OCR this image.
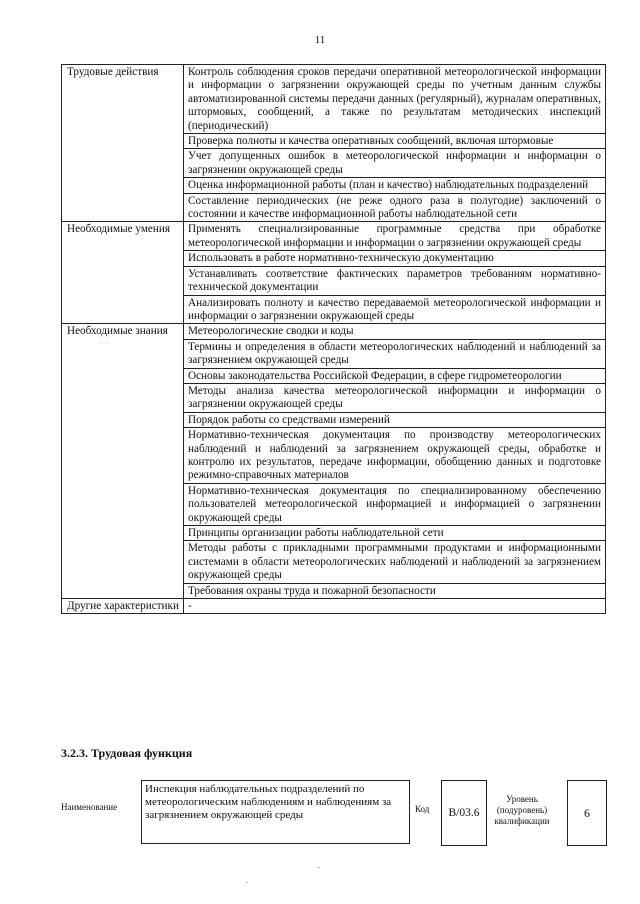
11
Трудовые действия	Контроль соблюдения сроков передачи оперативной метеорологической информации и информации о загрязнении окружающей среды по учетным данным службы автоматизированной системы передачи данных (регулярный), журналам оперативных, штормовых, сообщений, а также по результатам методических инспекций (периодический)
	Проверка полноты и качества оперативных сообщений, включая штормовые
	Учет допущенных ошибок в метеорологической информации и информации о загрязнении окружающей среды
	Оценка информационной работы (план и качество) наблюдательных подразделений
	Составление периодических (не реже одного раза в полугодие) заключений о состоянии и качестве информационной работы наблюдательной сети
Необходимые умения	Применять специализированные программные средства при обработке метеорологической информации и информации о загрязнении окружающей среды
	Использовать в работе нормативно-техническую документацию
	Устанавливать соответствие фактических параметров требованиям нормативно-технической документации
	Анализировать полноту и качество передаваемой метеорологической информации и информации о загрязнении окружающей среды
Необходимые знания	Метеорологические сводки и коды
	Термины и определения в области метеорологических наблюдений и наблюдений за загрязнением окружающей среды
	Основы законодательства Российской Федерации, в сфере гидрометеорологии
	Методы анализа качества метеорологической информации и информации о загрязнении окружающей среды
	Порядок работы со средствами измерений
	Нормативно-техническая документация по производству метеорологических наблюдений и наблюдений за загрязнением окружающей среды, обработке и контролю их результатов, передаче информации, обобщению данных и подготовке режимно-справочных материалов
	Нормативно-техническая документация по специализированному обеспечению пользователей метеорологической информацией и информацией о загрязнении окружающей среды
	Принципы организации работы наблюдательной сети
	Методы работы с прикладными программными продуктами и информационными системами в области метеорологических наблюдений и наблюдений за загрязнением окружающей среды
	Требования охраны труда и пожарной безопасности
Другие характеристики	-
3.2.3. Трудовая функция
Наименование
Инспекция наблюдательных подразделений по метеорологическим наблюдениям и наблюдениям за загрязнением окружающей среды	Код	В/03.6
Уровень (подуровень) квалификации
6
.
.
